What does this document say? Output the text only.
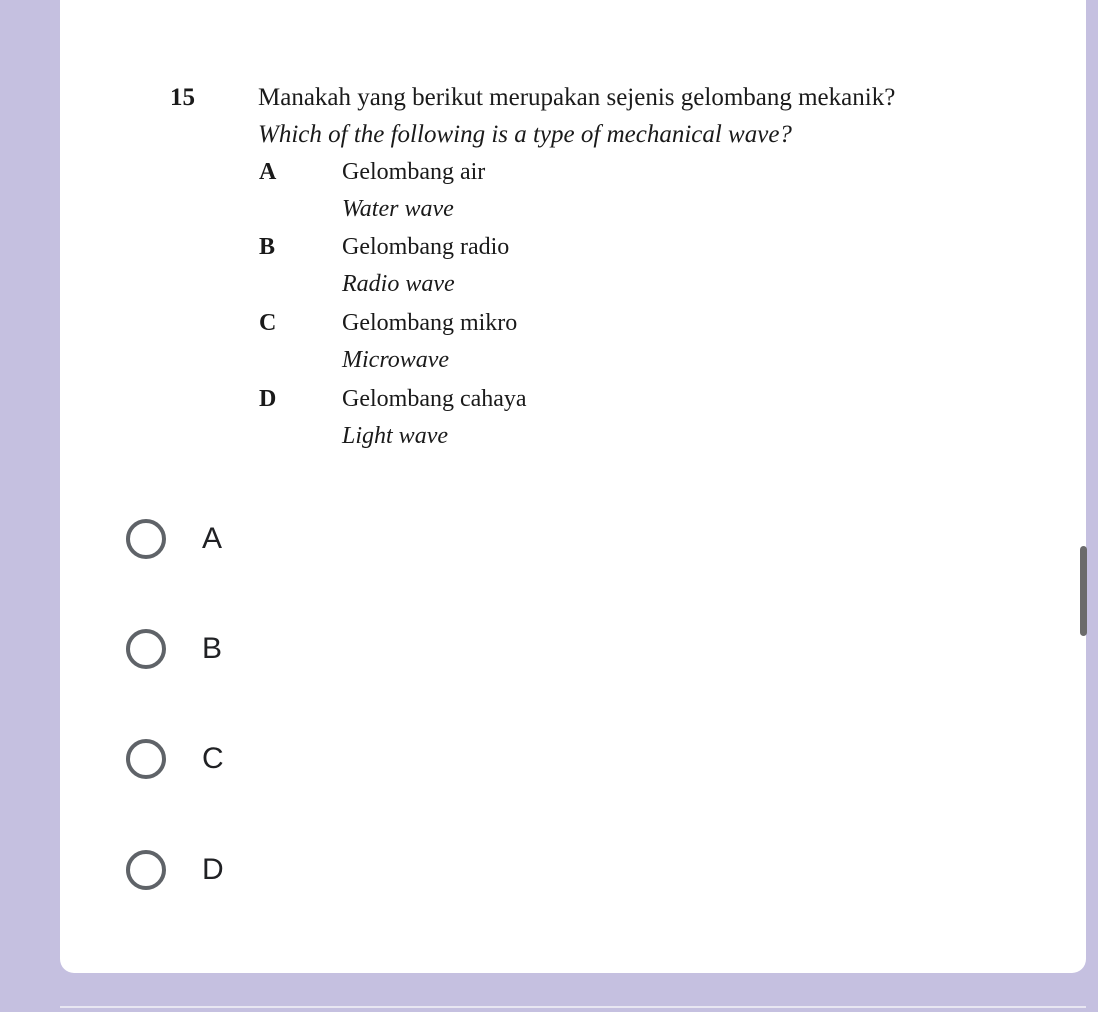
15	Manakah yang berikut merupakan sejenis gelombang mekanik?
Which of the following is a type of mechanical wave?
A	Gelombang air
Water wave
B	Gelombang radio
Radio wave
C	Gelombang mikro
Microwave
D	Gelombang cahaya
Light wave
A
B
C
D
